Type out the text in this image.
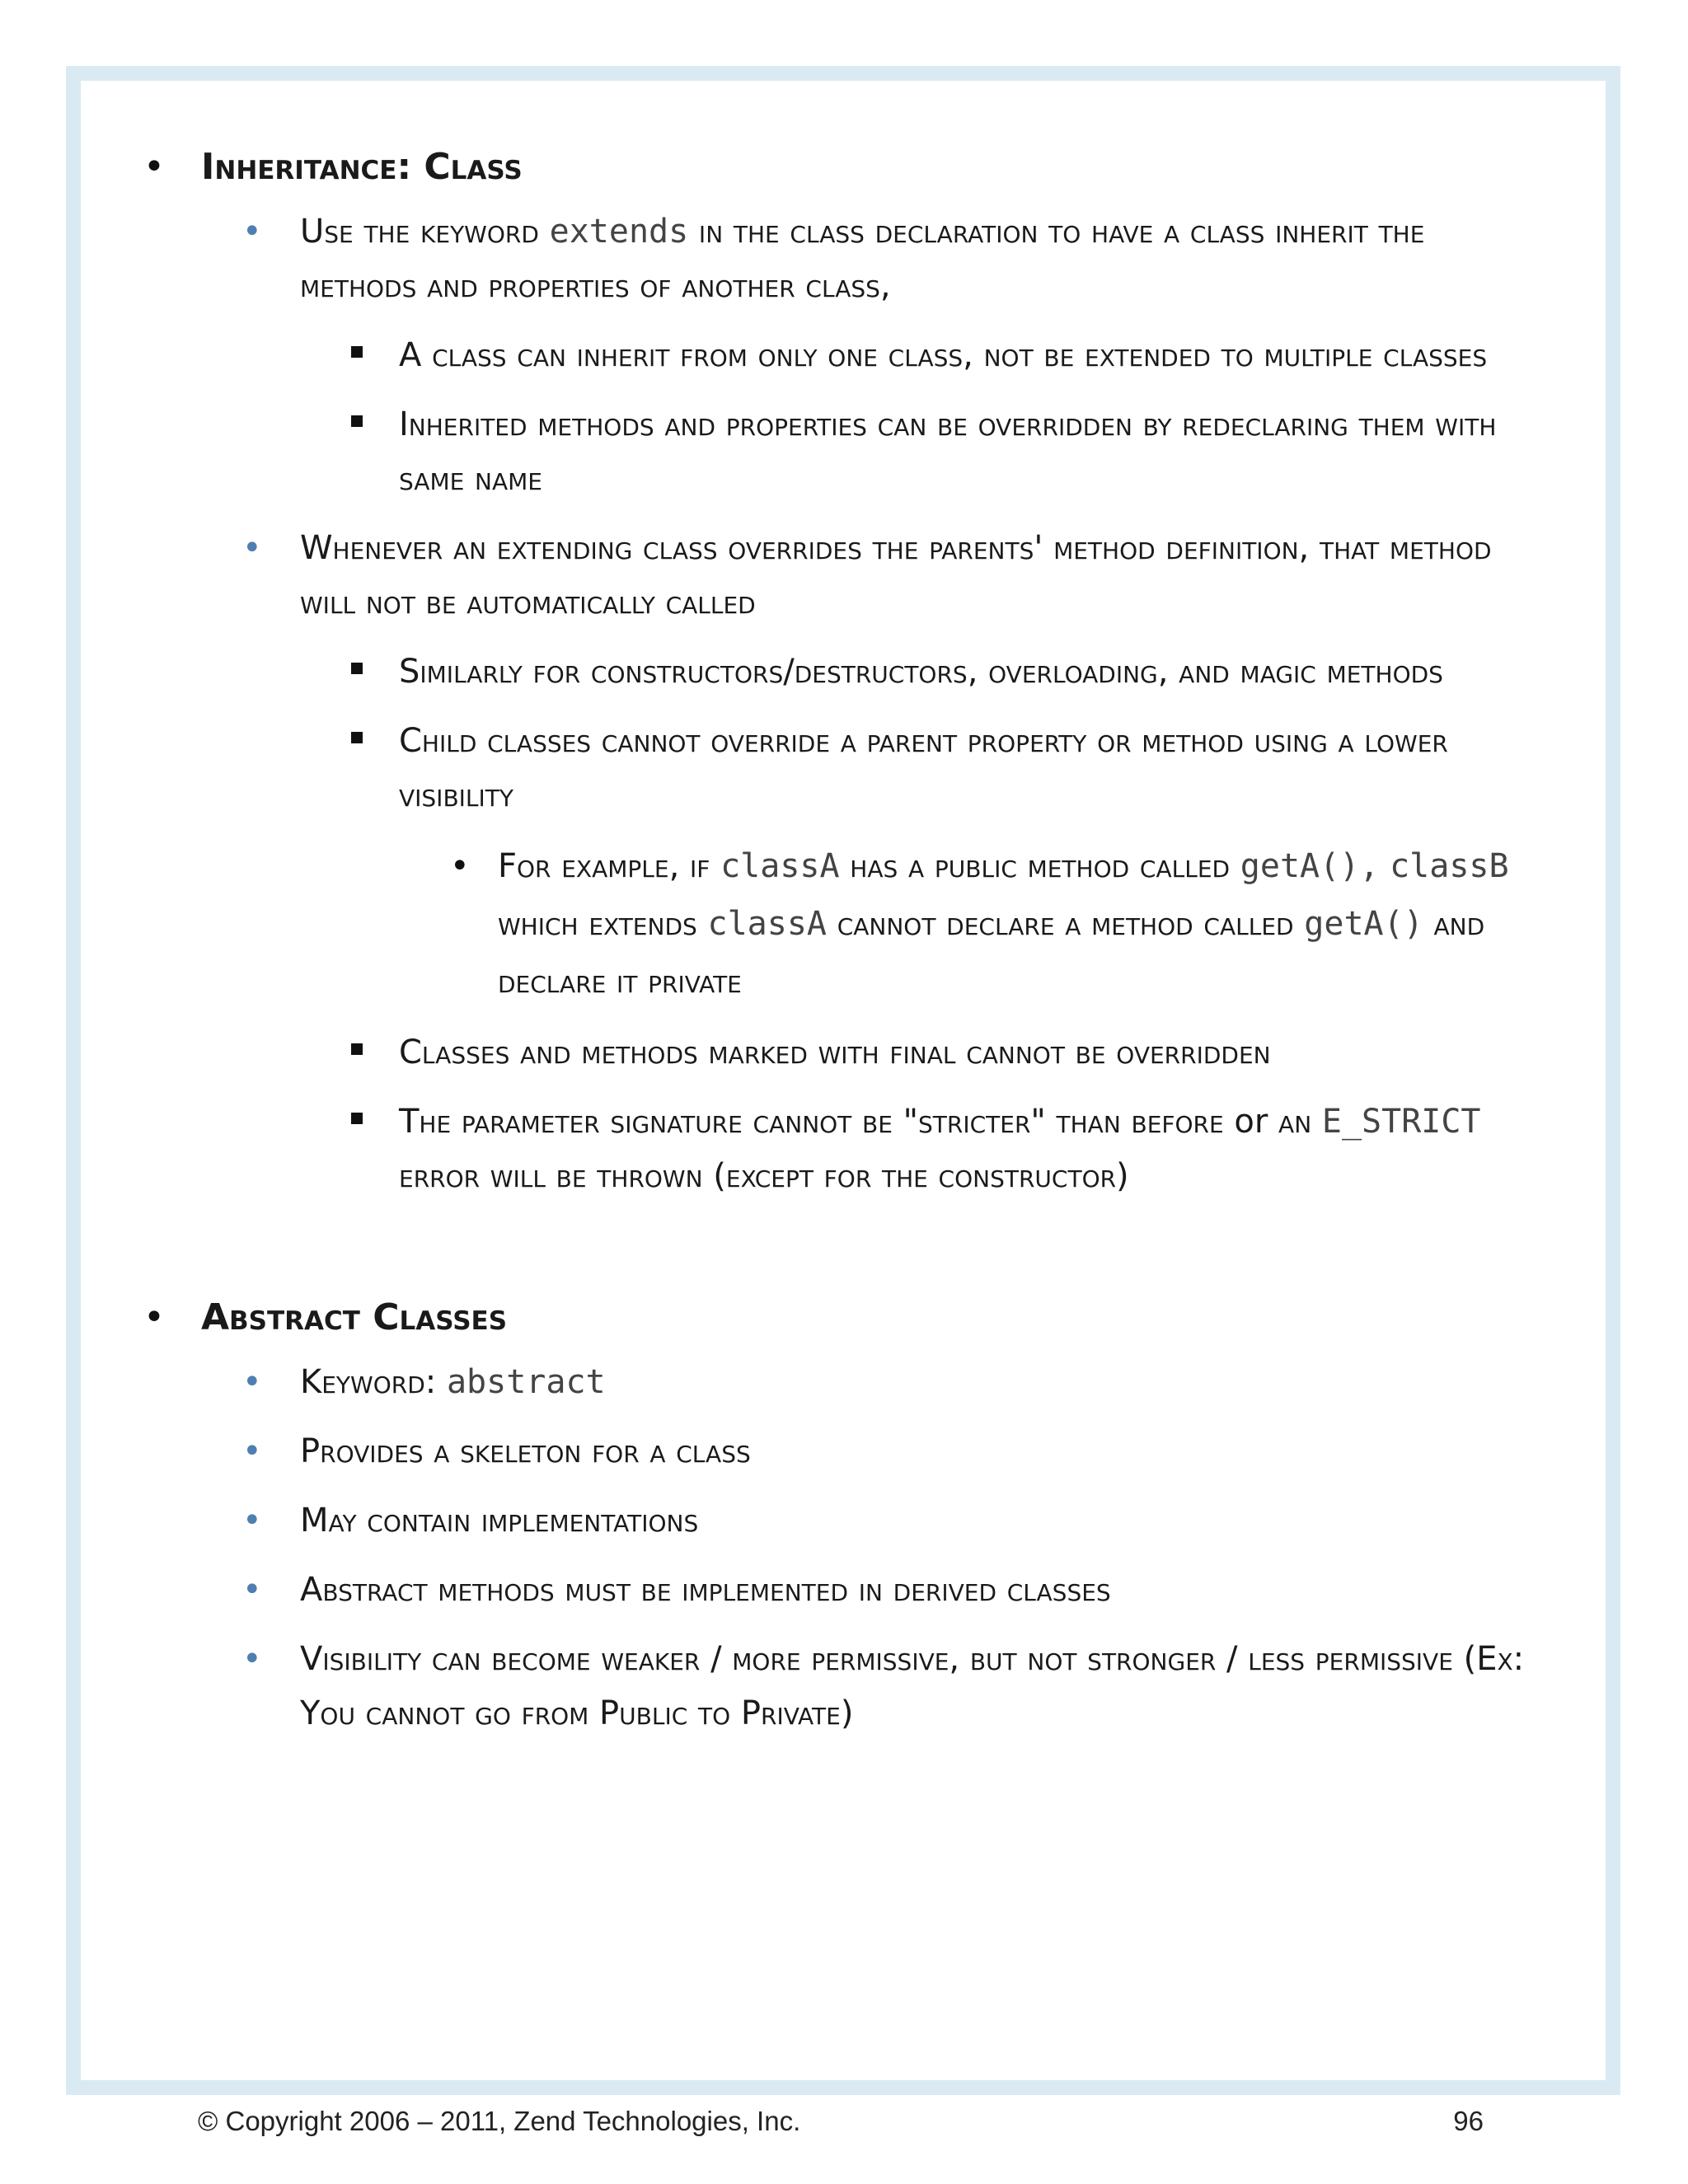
• Inheritance: Class
• Use the keyword extends in the class declaration to have a class inherit the methods and properties of another class,
A class can inherit from only one class, not be extended to multiple classes
Inherited methods and properties can be overridden by redeclaring them with same name
• Whenever an extending class overrides the parents' method definition, that method will not be automatically called
Similarly for constructors/destructors, overloading, and magic methods
Child classes cannot override a parent property or method using a lower visibility
• For example, if classA has a public method called getA(), classB which extends classA cannot declare a method called getA() and declare it private
Classes and methods marked with final cannot be overridden
The parameter signature cannot be "stricter" than before or an E_STRICT error will be thrown (except for the constructor)
• Abstract Classes
• Keyword: abstract
• Provides a skeleton for a class
• May contain implementations
• Abstract methods must be implemented in derived classes
• Visibility can become weaker / more permissive, but not stronger / less permissive (Ex: You cannot go from Public to Private)
© Copyright 2006 – 2011, Zend Technologies, Inc.	96
